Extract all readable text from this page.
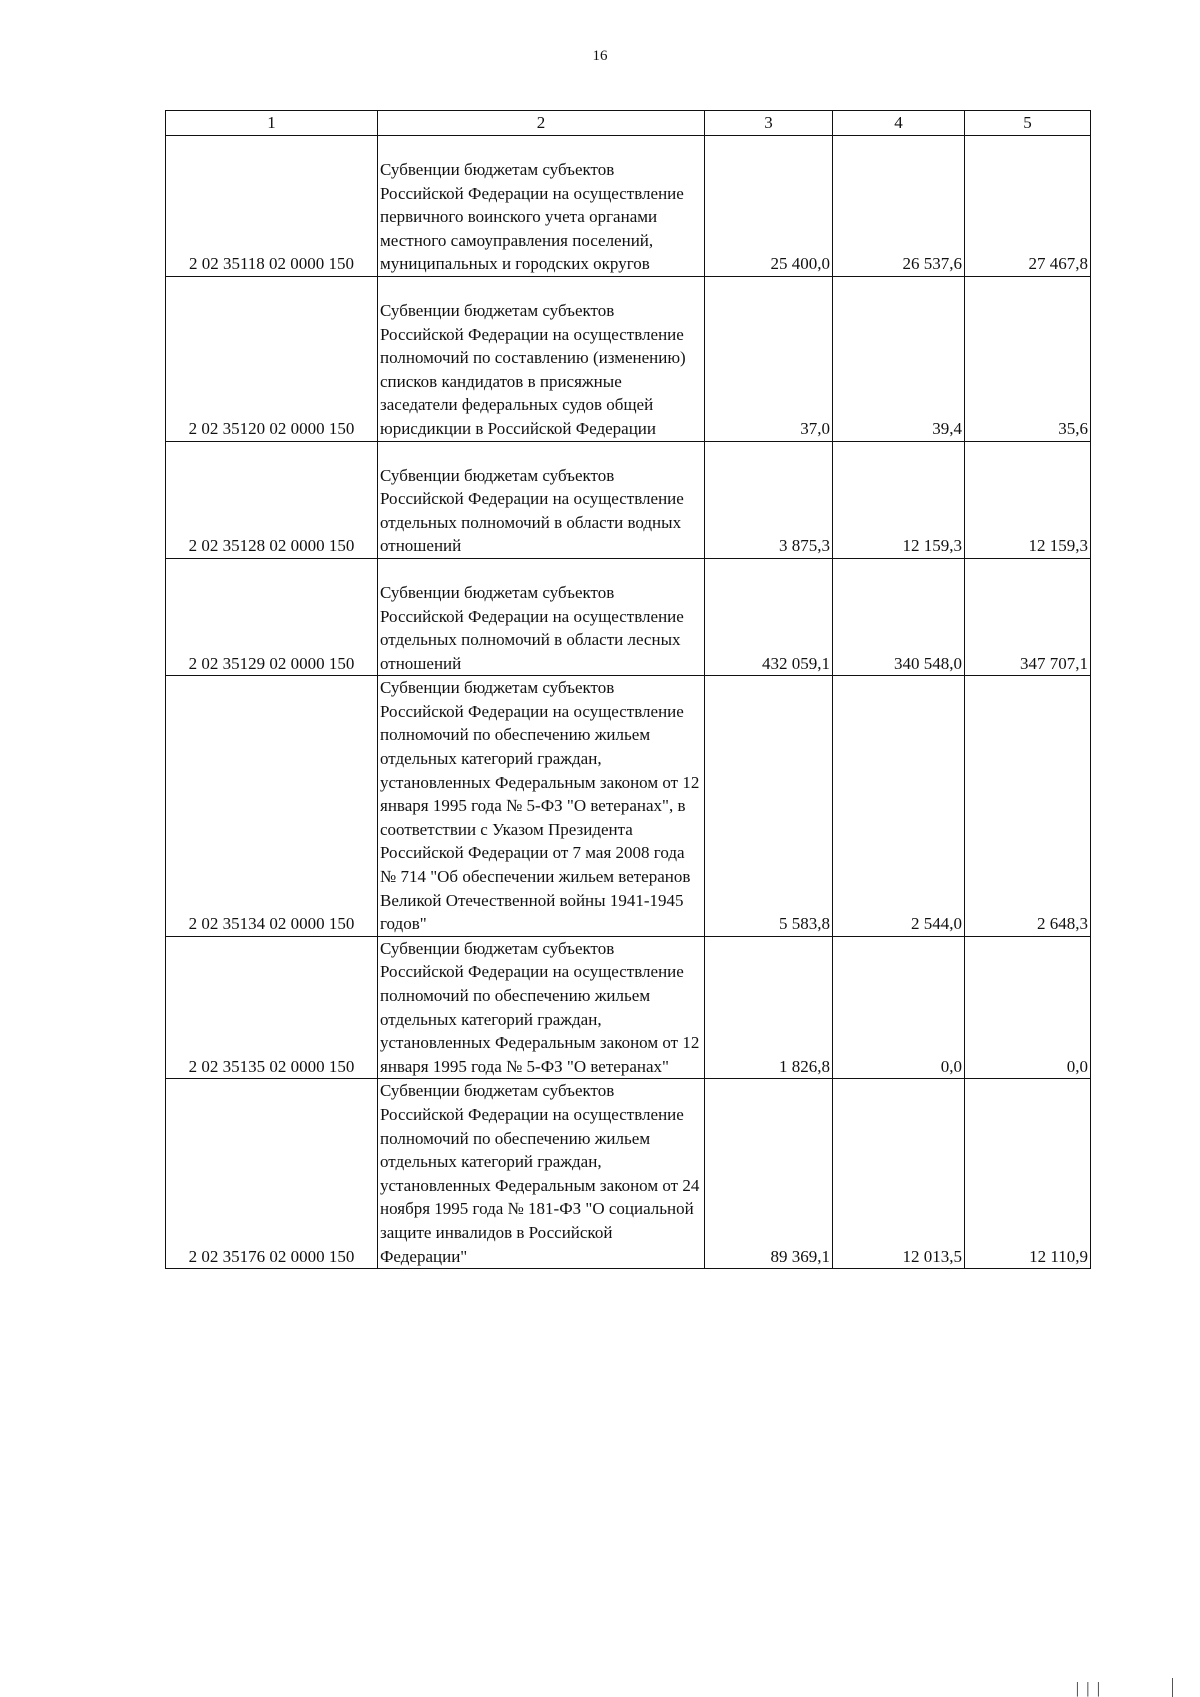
16
1	2	3	4	5
2 02 35118 02 0000 150	Субвенции бюджетам субъектов Российской Федерации на осуществление первичного воинского учета органами местного самоуправления поселений, муниципальных и городских округов	25 400,0	26 537,6	27 467,8
2 02 35120 02 0000 150	Субвенции бюджетам субъектов Российской Федерации на осуществление полномочий по составлению (изменению) списков кандидатов в присяжные заседатели федеральных судов общей юрисдикции в Российской Федерации	37,0	39,4	35,6
2 02 35128 02 0000 150	Субвенции бюджетам субъектов Российской Федерации на осуществление отдельных полномочий в области водных отношений	3 875,3	12 159,3	12 159,3
2 02 35129 02 0000 150	Субвенции бюджетам субъектов Российской Федерации на осуществление отдельных полномочий в области лесных отношений	432 059,1	340 548,0	347 707,1
2 02 35134 02 0000 150	Субвенции бюджетам субъектов Российской Федерации на осуществление полномочий по обеспечению жильем отдельных категорий граждан, установленных Федеральным законом от 12 января 1995 года № 5-ФЗ "О ветеранах", в соответствии с Указом Президента Российской Федерации от 7 мая 2008 года № 714 "Об обеспечении жильем ветеранов Великой Отечественной войны 1941-1945 годов"	5 583,8	2 544,0	2 648,3
2 02 35135 02 0000 150	Субвенции бюджетам субъектов Российской Федерации на осуществление полномочий по обеспечению жильем отдельных категорий граждан, установленных Федеральным законом от 12 января 1995 года № 5-ФЗ "О ветеранах"	1 826,8	0,0	0,0
2 02 35176 02 0000 150	Субвенции бюджетам субъектов Российской Федерации на осуществление полномочий по обеспечению жильем отдельных категорий граждан, установленных Федеральным законом от 24 ноября 1995 года № 181-ФЗ "О социальной защите инвалидов в Российской Федерации"	89 369,1	12 013,5	12 110,9
│││
